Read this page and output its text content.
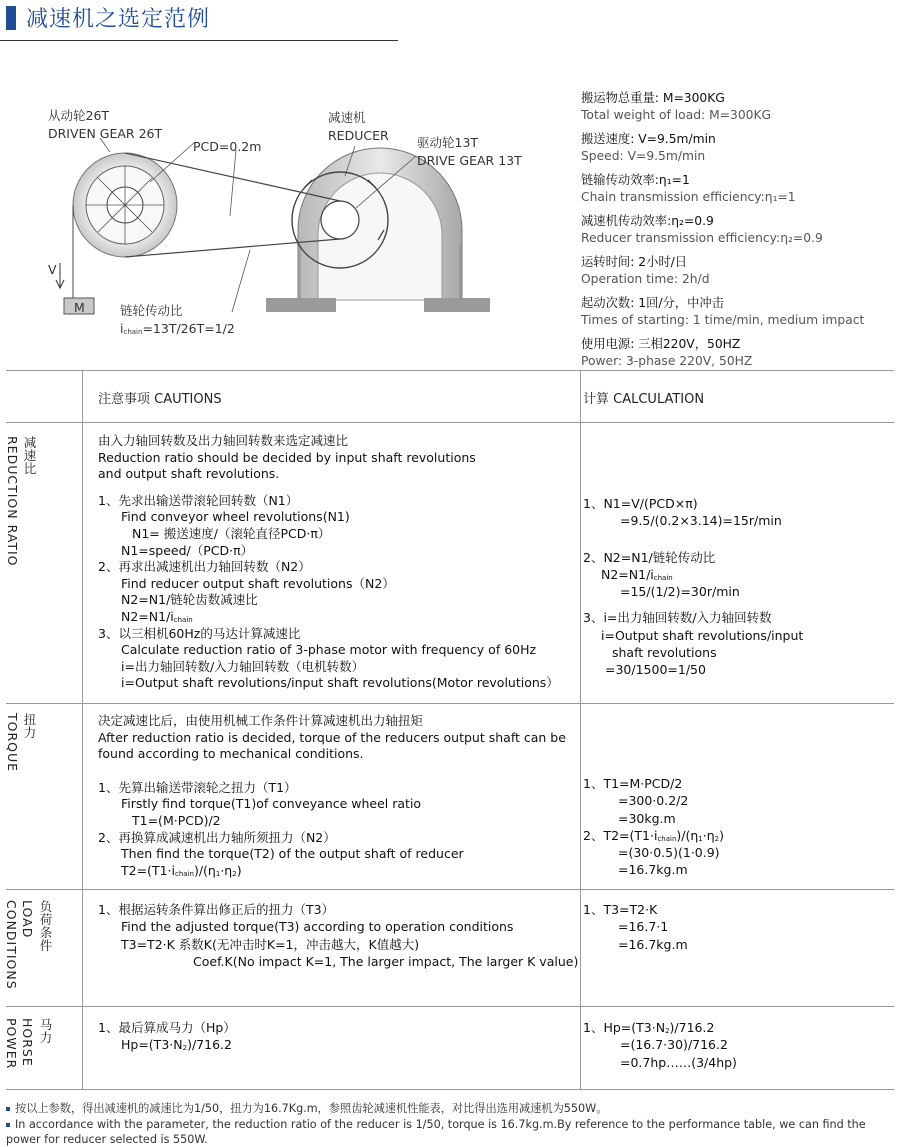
减速机之选定范例
从动轮26T
DRIVEN GEAR 26T
PCD=0.2m
减速机
REDUCER 驱动轮13T
DRIVE GEAR 13T
V
M	链轮传动比
$i_{chain}=13T/26T=1/2$
搬运物总重量: M=300KG
Total weight of load: M=300KG
搬送速度: V=9.5m/min
Speed: V=9.5m/min
链输传动效率:η₁=1
Chain transmission efficiency:η₁=1
减速机传动效率:η₂=0.9
Reducer transmission efficiency:η₂=0.9
运转时间: 2小时/日
Operation time: 2h/d
起动次数: 1回/分，中冲击
Times of starting: 1 time/min, medium impact
使用电源: 三相220V，50HZ
Power: 3-phase 220V, 50HZ
注意事项 CAUTIONS	计算 CALCULATION
减
速
比
REDUCTION RATIO
扭
力
TORQUE
负
荷
条
件
LOAD
CONDITIONS
马
力
HORSE
POWER
由入力轴回转数及出力轴回转数来选定减速比
Reduction ratio should be decided by input shaft revolutions
and output shaft revolutions.
1、先求出输送带滚轮回转数（N1）
Find conveyor wheel revolutions(N1)
N1= 搬送速度/（滚轮直径PCD·π）
N1=speed/（PCD·π）
2、再求出减速机出力轴回转数（N2）
Find reducer output shaft revolutions（N2）
N2=N1/链轮齿数减速比
$N2=N1/i_{chain}$
3、以三相机60Hz的马达计算减速比
Calculate reduction ratio of 3-phase motor with frequency of 60Hz
i=出力轴回转数/入力轴回转数（电机转数）
i=Output shaft revolutions/input shaft revolutions(Motor revolutions）
1、N1=V/(PCD×π)
=9.5/(0.2×3.14)=15r/min
2、N2=N1/链轮传动比
$N2=N1/i_{chain}$
=15/(1/2)=30r/min
3、i=出力轴回转数/入力轴回转数
i=Output shaft revolutions/input
shaft revolutions
=30/1500=1/50
决定减速比后，由使用机械工作条件计算减速机出力轴扭矩
After reduction ratio is decided, torque of the reducers output shaft can be
found according to mechanical conditions.
1、先算出输送带滚轮之扭力（T1）
Firstly find torque(T1)of conveyance wheel ratio
T1=(M·PCD)/2
2、再换算成减速机出力轴所须扭力（N2）
Then find the torque(T2) of the output shaft of reducer
$T2=(T1\cdot i_{chain})/(\eta_1\cdot\eta_2)$
1、T1=M·PCD/2
=300·0.2/2
=30kg.m
2、$T2=(T1\cdot i_{chain})/(\eta_1\cdot\eta_2)$
=(30·0.5)(1·0.9)
=16.7kg.m
1、根据运转条件算出修正后的扭力（T3）
Find the adjusted torque(T3) according to operation conditions
T3=T2·K 系数K(无冲击时K=1，冲击越大，K值越大)
Coef.K(No impact K=1, The larger impact, The larger K value)
1、T3=T2·K
=16.7·1
=16.7kg.m
1、最后算成马力（Hp）
$Hp=(T3\cdot N_2)/716.2$
1、$Hp=(T3\cdot N_2)/716.2$
=(16.7·30)/716.2
=0.7hp……(3/4hp)
按以上参数，得出减速机的减速比为1/50，扭力为16.7Kg.m，参照齿轮减速机性能表，对比得出选用减速机为550W。
In accordance with the parameter, the reduction ratio of the reducer is 1/50, torque is 16.7kg.m.By reference to the performance table, we can find the power for reducer selected is 550W.
